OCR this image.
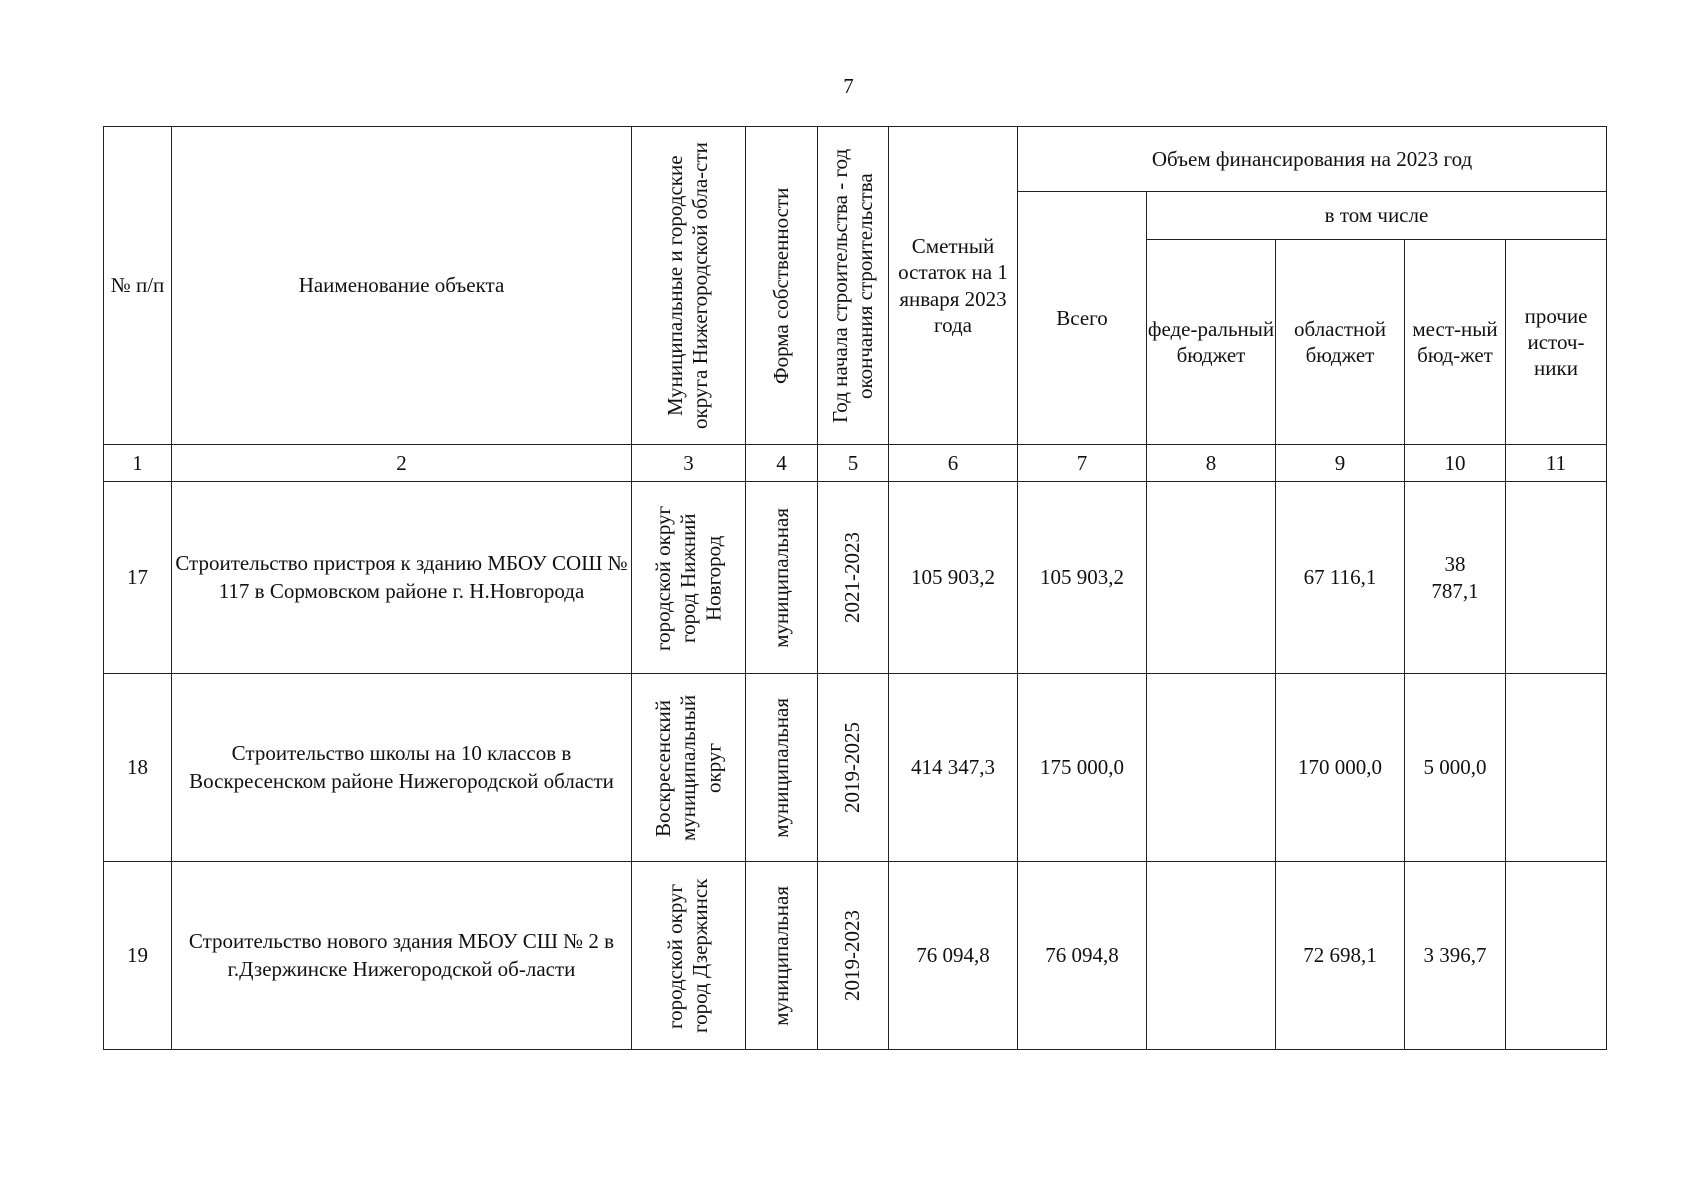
7
№ п/п	Наименование объекта	Муниципальные и городские округа Нижегородской обла-сти	Форма собственности	Год начала строительства - год окончания строительства	Сметный остаток на 1 января 2023 года	Объем финансирования на 2023 год				
						Всего	в том числе			
							феде-ральный бюджет	областной бюджет	мест-ный бюд-жет	прочие источ-ники
1	2	3	4	5	6	7	8	9	10	11
17	Строительство пристроя к зданию МБОУ СОШ № 117 в Сормовском районе г. Н.Новгорода	городской округ город Нижний Новгород	муниципальная	2021-2023	105 903,2	105 903,2		67 116,1	38 787,1	

18	Строительство школы на 10 классов в Воскресенском районе Нижегородской области	Воскресенский муниципальный округ	муниципальная	2019-2025	414 347,3	175 000,0		170 000,0	5 000,0	
19	Строительство нового здания МБОУ СШ № 2 в г.Дзержинске Нижегородской об-ласти	городской округ город Дзержинск	муниципальная	2019-2023	76 094,8	76 094,8		72 698,1	3 396,7	
